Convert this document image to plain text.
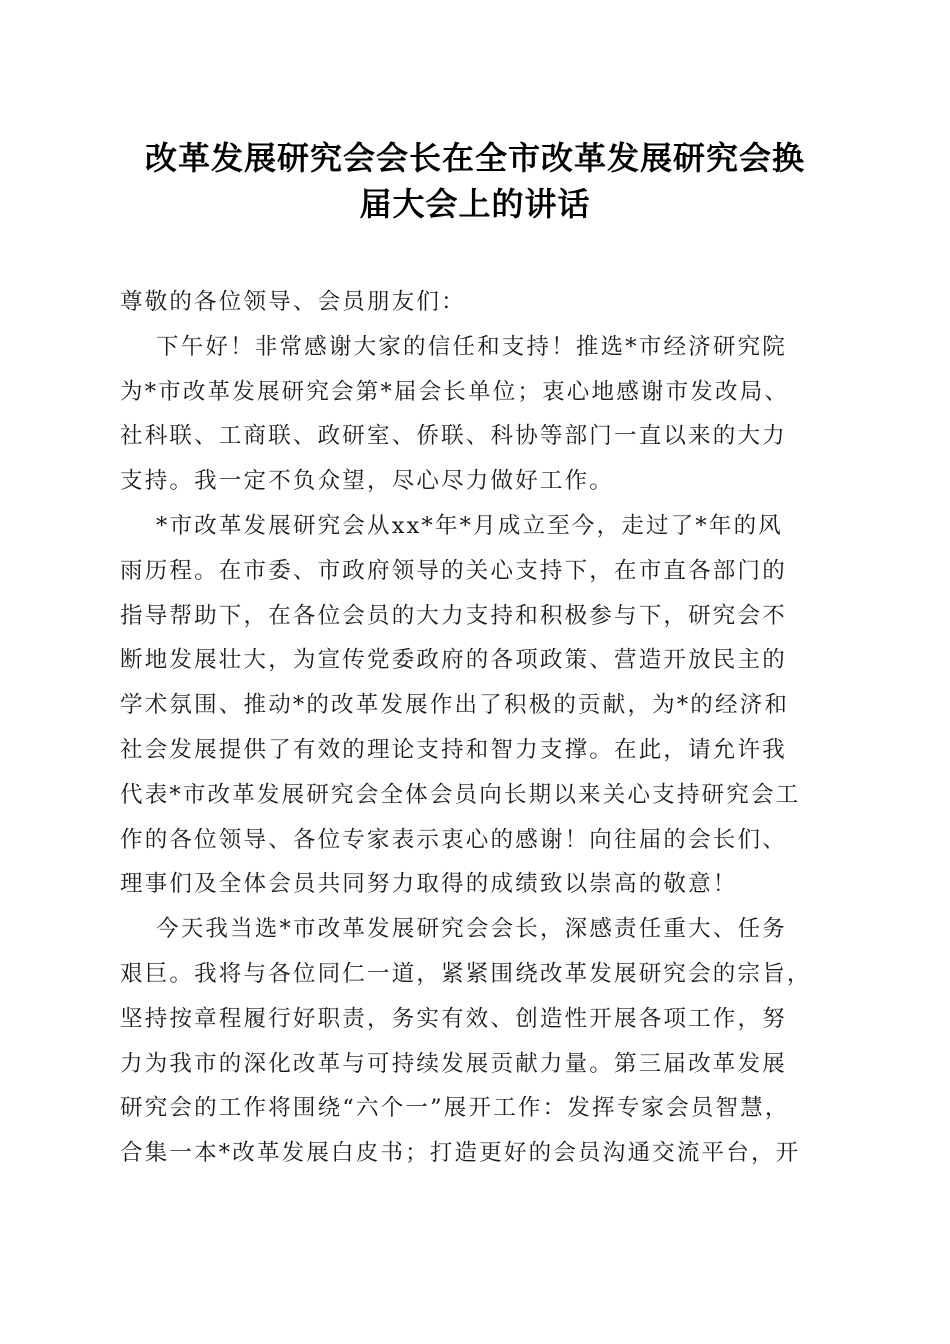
改革发展研究会会长在全市改革发展研究会换
届大会上的讲话
尊敬的各位领导、会员朋友们：
下午好！非常感谢大家的信任和支持！推选*市经济研究院
为*市改革发展研究会第*届会长单位；衷心地感谢市发改局、
社科联、工商联、政研室、侨联、科协等部门一直以来的大力
支持。我一定不负众望，尽心尽力做好工作。
*市改革发展研究会从xx*年*月成立至今，走过了*年的风
雨历程。在市委、市政府领导的关心支持下，在市直各部门的
指导帮助下，在各位会员的大力支持和积极参与下，研究会不
断地发展壮大，为宣传党委政府的各项政策、营造开放民主的
学术氛围、推动*的改革发展作出了积极的贡献，为*的经济和
社会发展提供了有效的理论支持和智力支撑。在此，请允许我
代表*市改革发展研究会全体会员向长期以来关心支持研究会工
作的各位领导、各位专家表示衷心的感谢！向往届的会长们、
理事们及全体会员共同努力取得的成绩致以崇高的敬意！
今天我当选*市改革发展研究会会长，深感责任重大、任务
艰巨。我将与各位同仁一道，紧紧围绕改革发展研究会的宗旨，
坚持按章程履行好职责，务实有效、创造性开展各项工作，努
力为我市的深化改革与可持续发展贡献力量。第三届改革发展
研究会的工作将围绕“六个一”展开工作：发挥专家会员智慧，
合集一本*改革发展白皮书；打造更好的会员沟通交流平台，开
